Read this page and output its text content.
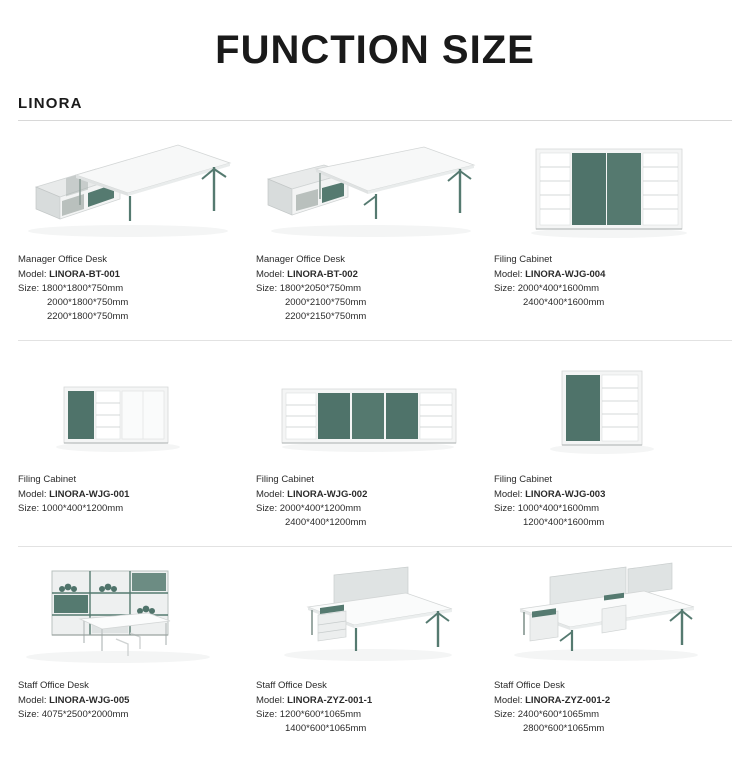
FUNCTION SIZE
LINORA
Manager Office Desk
Model: LINORA-BT-001
Size: 1800*1800*750mm
2000*1800*750mm
2200*1800*750mm
Manager Office Desk
Model: LINORA-BT-002
Size: 1800*2050*750mm
2000*2100*750mm
2200*2150*750mm
Filing Cabinet
Model: LINORA-WJG-004
Size: 2000*400*1600mm
2400*400*1600mm
Filing Cabinet
Model: LINORA-WJG-001
Size: 1000*400*1200mm
Filing Cabinet
Model: LINORA-WJG-002
Size: 2000*400*1200mm
2400*400*1200mm
Filing Cabinet
Model: LINORA-WJG-003
Size: 1000*400*1600mm
1200*400*1600mm
Staff Office Desk
Model: LINORA-WJG-005
Size: 4075*2500*2000mm
Staff Office Desk
Model: LINORA-ZYZ-001-1
Size: 1200*600*1065mm
1400*600*1065mm
Staff Office Desk
Model: LINORA-ZYZ-001-2
Size: 2400*600*1065mm
2800*600*1065mm
